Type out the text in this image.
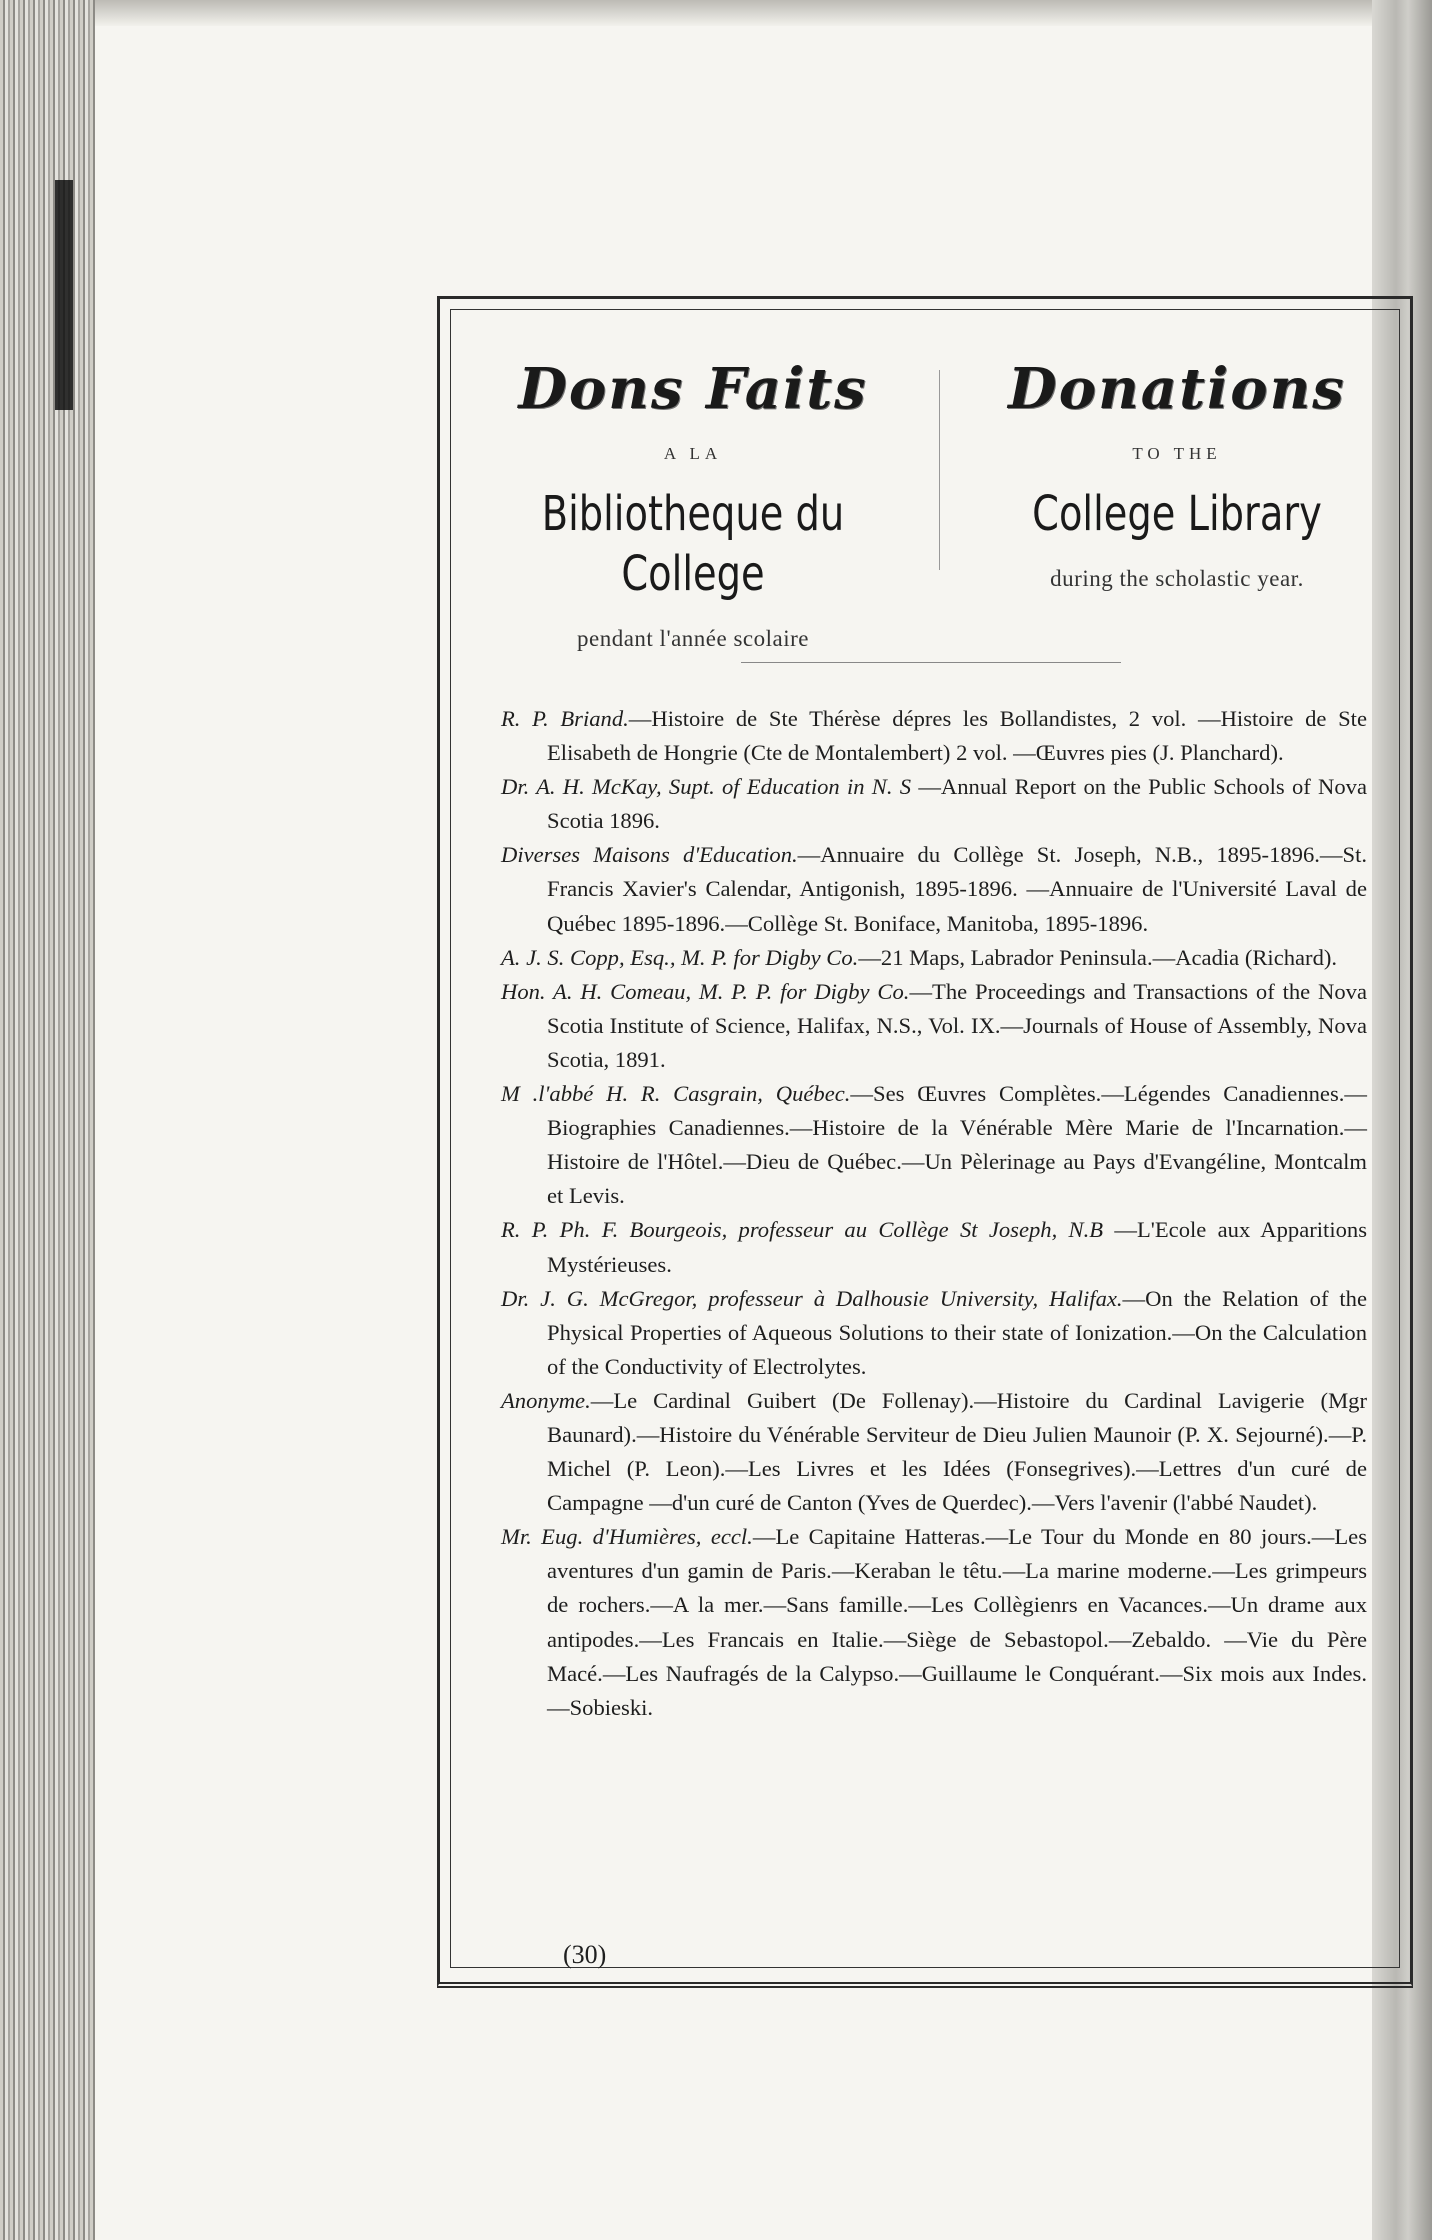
Dons Faits
A LA
Bibliotheque du College
pendant l'année scolaire
Donations
TO THE
College Library
during the scholastic year.

R. P. Briand.—Histoire de Ste Thérèse dépres les Bollandistes, 2 vol. —Histoire de Ste Elisabeth de Hongrie (Cte de Montalembert) 2 vol. —Œuvres pies (J. Planchard).

Dr. A. H. McKay, Supt. of Education in N. S —Annual Report on the Public Schools of Nova Scotia 1896.

Diverses Maisons d'Education.—Annuaire du Collège St. Joseph, N.B., 1895-1896.—St. Francis Xavier's Calendar, Antigonish, 1895-1896. —Annuaire de l'Université Laval de Québec 1895-1896.—Collège St. Boniface, Manitoba, 1895-1896.

A. J. S. Copp, Esq., M. P. for Digby Co.—21 Maps, Labrador Peninsula.—Acadia (Richard).

Hon. A. H. Comeau, M. P. P. for Digby Co.—The Proceedings and Transactions of the Nova Scotia Institute of Science, Halifax, N.S., Vol. IX.—Journals of House of Assembly, Nova Scotia, 1891.

M .l'abbé H. R. Casgrain, Québec.—Ses Œuvres Complètes.—Légendes Canadiennes.—Biographies Canadiennes.—Histoire de la Vénérable Mère Marie de l'Incarnation.—Histoire de l'Hôtel.—Dieu de Québec.—Un Pèlerinage au Pays d'Evangéline, Montcalm et Levis.

R. P. Ph. F. Bourgeois, professeur au Collège St Joseph, N.B —L'Ecole aux Apparitions Mystérieuses.

Dr. J. G. McGregor, professeur à Dalhousie University, Halifax.—On the Relation of the Physical Properties of Aqueous Solutions to their state of Ionization.—On the Calculation of the Conductivity of Electrolytes.

Anonyme.—Le Cardinal Guibert (De Follenay).—Histoire du Cardinal Lavigerie (Mgr Baunard).—Histoire du Vénérable Serviteur de Dieu Julien Maunoir (P. X. Sejourné).—P. Michel (P. Leon).—Les Livres et les Idées (Fonsegrives).—Lettres d'un curé de Campagne —d'un curé de Canton (Yves de Querdec).—Vers l'avenir (l'abbé Naudet).

Mr. Eug. d'Humières, eccl.—Le Capitaine Hatteras.—Le Tour du Monde en 80 jours.—Les aventures d'un gamin de Paris.—Keraban le têtu.—La marine moderne.—Les grimpeurs de rochers.—A la mer.—Sans famille.—Les Collègienrs en Vacances.—Un drame aux antipodes.—Les Francais en Italie.—Siège de Sebastopol.—Zebaldo. —Vie du Père Macé.—Les Naufragés de la Calypso.—Guillaume le Conquérant.—Six mois aux Indes.—Sobieski.

(30)
